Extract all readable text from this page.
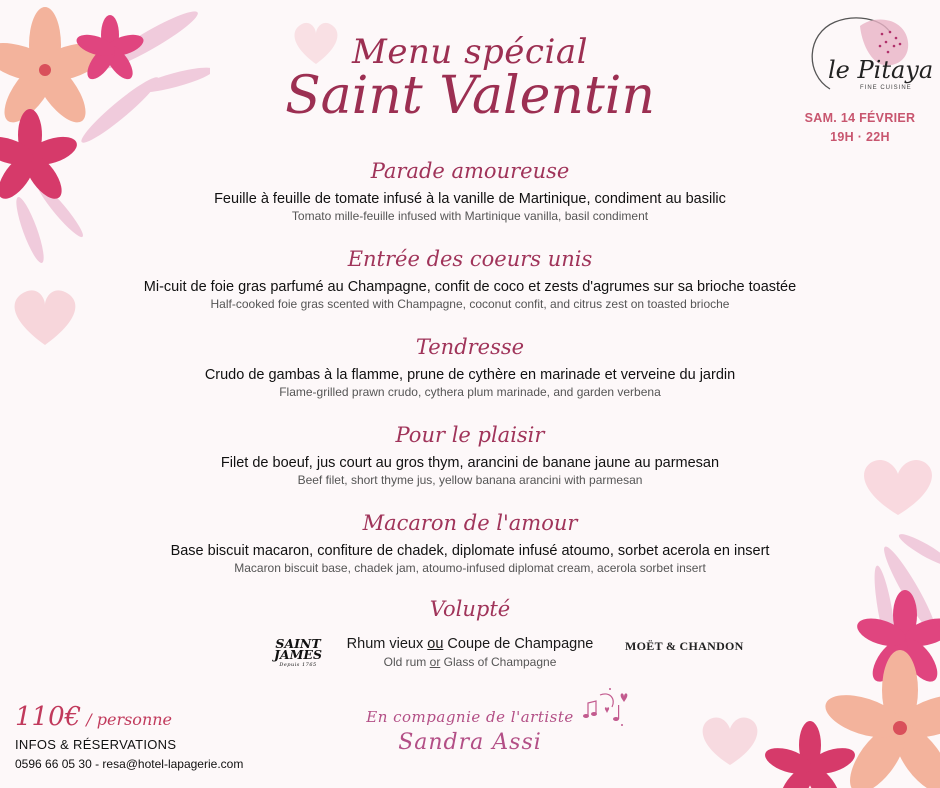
Menu spécial
Saint Valentin	le Pitaya
FINE CUISINE
SAM. 14 FÉVRIER
19H · 22H
Parade amoureuse
Feuille à feuille de tomate infusé à la vanille de Martinique, condiment au basilic
Tomato mille-feuille infused with Martinique vanilla, basil condiment
Entrée des coeurs unis
Mi-cuit de foie gras parfumé au Champagne, confit de coco et zests d'agrumes sur sa brioche toastée
Half-cooked foie gras scented with Champagne, coconut confit, and citrus zest on toasted brioche
Tendresse
Crudo de gambas à la flamme, prune de cythère en marinade et verveine du jardin
Flame-grilled prawn crudo, cythera plum marinade, and garden verbena
Pour le plaisir
Filet de boeuf, jus court au gros thym, arancini de banane jaune au parmesan
Beef filet, short thyme jus, yellow banana arancini with parmesan
Macaron de l'amour
Base biscuit macaron, confiture de chadek, diplomate infusé atoumo, sorbet acerola en insert
Macaron biscuit base, chadek jam, atoumo-infused diplomat cream, acerola sorbet insert
Volupté
Rhum vieux ou Coupe de Champagne
Old rum or Glass of Champagne
SAINT
JAMES
Depuis 1765
MOËT & CHANDON
110€ / personne
INFOS & RÉSERVATIONS
0596 66 05 30 - resa@hotel-lapagerie.com
En compagnie de l'artiste
Sandra Assi
